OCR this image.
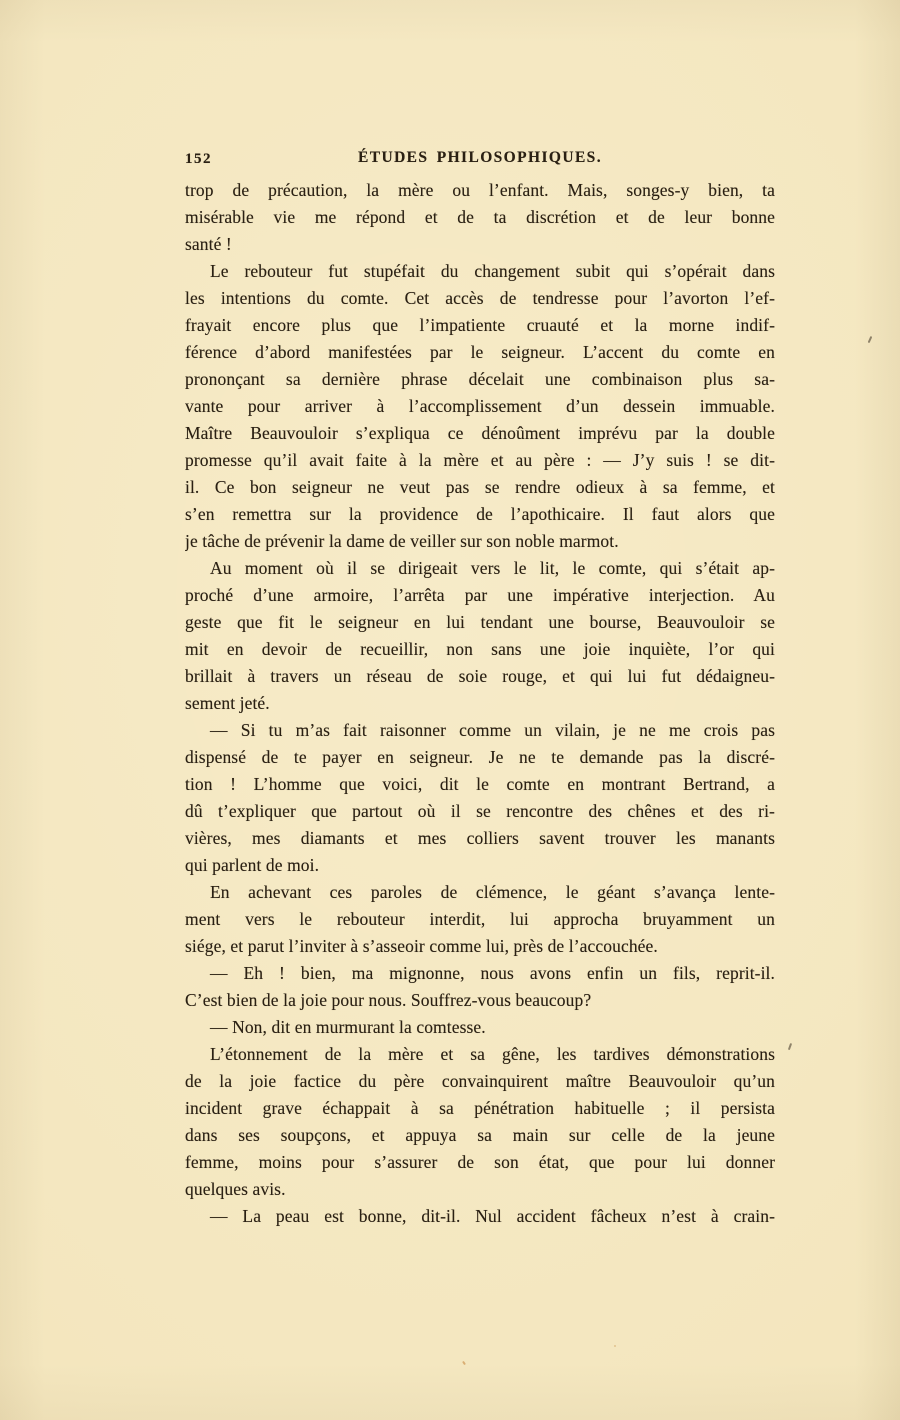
152	ÉTUDES PHILOSOPHIQUES.
trop de précaution, la mère ou l’enfant. Mais, songes-y bien, ta
misérable vie me répond et de ta discrétion et de leur bonne
santé !
Le rebouteur fut stupéfait du changement subit qui s’opérait dans
les intentions du comte. Cet accès de tendresse pour l’avorton l’ef-
frayait encore plus que l’impatiente cruauté et la morne indif-
férence d’abord manifestées par le seigneur. L’accent du comte en
prononçant sa dernière phrase décelait une combinaison plus sa-
vante pour arriver à l’accomplissement d’un dessein immuable.
Maître Beauvouloir s’expliqua ce dénoûment imprévu par la double
promesse qu’il avait faite à la mère et au père : — J’y suis ! se dit-
il. Ce bon seigneur ne veut pas se rendre odieux à sa femme, et
s’en remettra sur la providence de l’apothicaire. Il faut alors que
je tâche de prévenir la dame de veiller sur son noble marmot.
Au moment où il se dirigeait vers le lit, le comte, qui s’était ap-
proché d’une armoire, l’arrêta par une impérative interjection. Au
geste que fit le seigneur en lui tendant une bourse, Beauvouloir se
mit en devoir de recueillir, non sans une joie inquiète, l’or qui
brillait à travers un réseau de soie rouge, et qui lui fut dédaigneu-
sement jeté.
— Si tu m’as fait raisonner comme un vilain, je ne me crois pas
dispensé de te payer en seigneur. Je ne te demande pas la discré-
tion ! L’homme que voici, dit le comte en montrant Bertrand, a
dû t’expliquer que partout où il se rencontre des chênes et des ri-
vières, mes diamants et mes colliers savent trouver les manants
qui parlent de moi.
En achevant ces paroles de clémence, le géant s’avança lente-
ment vers le rebouteur interdit, lui approcha bruyamment un
siége, et parut l’inviter à s’asseoir comme lui, près de l’accouchée.
— Eh ! bien, ma mignonne, nous avons enfin un fils, reprit-il.
C’est bien de la joie pour nous. Souffrez-vous beaucoup?
— Non, dit en murmurant la comtesse.
L’étonnement de la mère et sa gêne, les tardives démonstrations
de la joie factice du père convainquirent maître Beauvouloir qu’un
incident grave échappait à sa pénétration habituelle ; il persista
dans ses soupçons, et appuya sa main sur celle de la jeune
femme, moins pour s’assurer de son état, que pour lui donner
quelques avis.
— La peau est bonne, dit-il. Nul accident fâcheux n’est à crain-
